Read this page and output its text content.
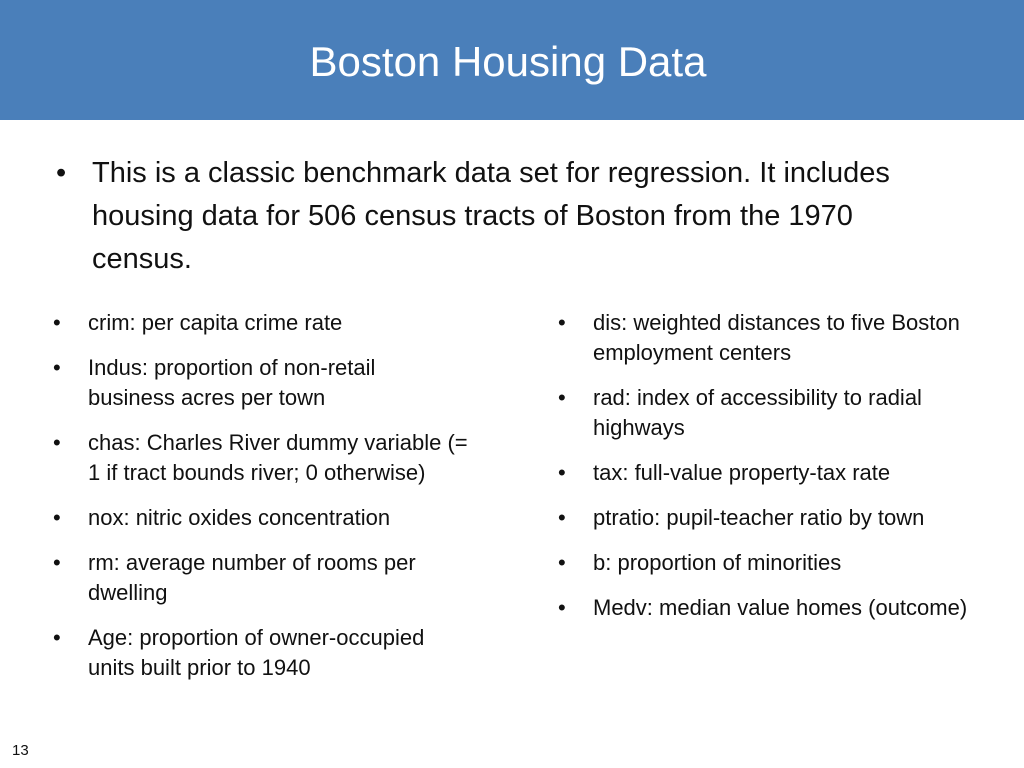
Boston Housing Data
• This is a classic benchmark data set for regression. It includes housing data for 506 census tracts of Boston from the 1970 census.
• crim: per capita crime rate
• Indus: proportion of non-retail business acres per town
• chas: Charles River dummy variable (= 1 if tract bounds river; 0 otherwise)
• nox: nitric oxides concentration
• rm: average number of rooms per dwelling
• Age: proportion of owner-occupied units built prior to 1940
• dis: weighted distances to five Boston employment centers
• rad: index of accessibility to radial highways
• tax: full-value property-tax rate
• ptratio: pupil-teacher ratio by town
• b: proportion of minorities
• Medv: median value homes (outcome)
13
